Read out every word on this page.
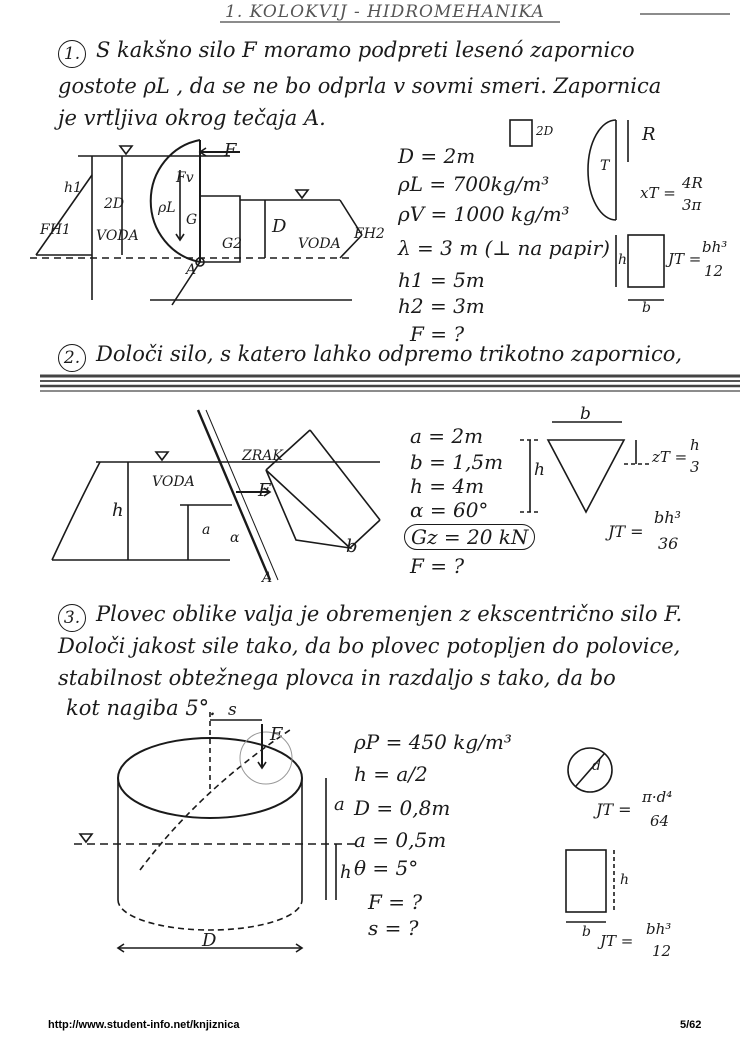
1. KOLOKVIJ - HIDROMEHANIKA
1. S kakšno silo F moramo podpreti lesenó zapornico
gostote ρL , da se ne bo odprla v sovmi smeri. Zapornica
je vrtljiva okrog tečaja A.
D = 2m
ρL = 700kg/m³
ρV = 1000 kg/m³
λ = 3 m (⊥ na papir)
h1 = 5m
h2 = 3m
F = ?
F
2D
VODA	VODA
D
h1
FH1	FH2
A
ρL
G
G2
Fv
2D	R
T
xT =
4R
3π
h	JT =
bh³
12
b
2. Določi silo, s katero lahko odpremo trikotno zapornico,
a = 2m
b = 1,5m
h = 4m
α = 60°
Gz = 20 kN
F = ?
ZRAK
VODA
h
F
a
b
α
A
b
h
zT =
h
3
JT =
bh³
36
3. Plovec oblike valja je obremenjen z ekscentrično silo F.
Določi jakost sile tako, da bo plovec potopljen do polovice,
stabilnost obtežnega plovca in razdaljo s tako, da bo
kot nagiba 5°.
ρP = 450 kg/m³
h = a/2
D = 0,8m
a = 0,5m
θ = 5°
F = ?
s = ?
s
F
a
h
D
d
JT =
π·d⁴
64
h
b JT =
bh³
12
http://www.student-info.net/knjiznica	5/62
